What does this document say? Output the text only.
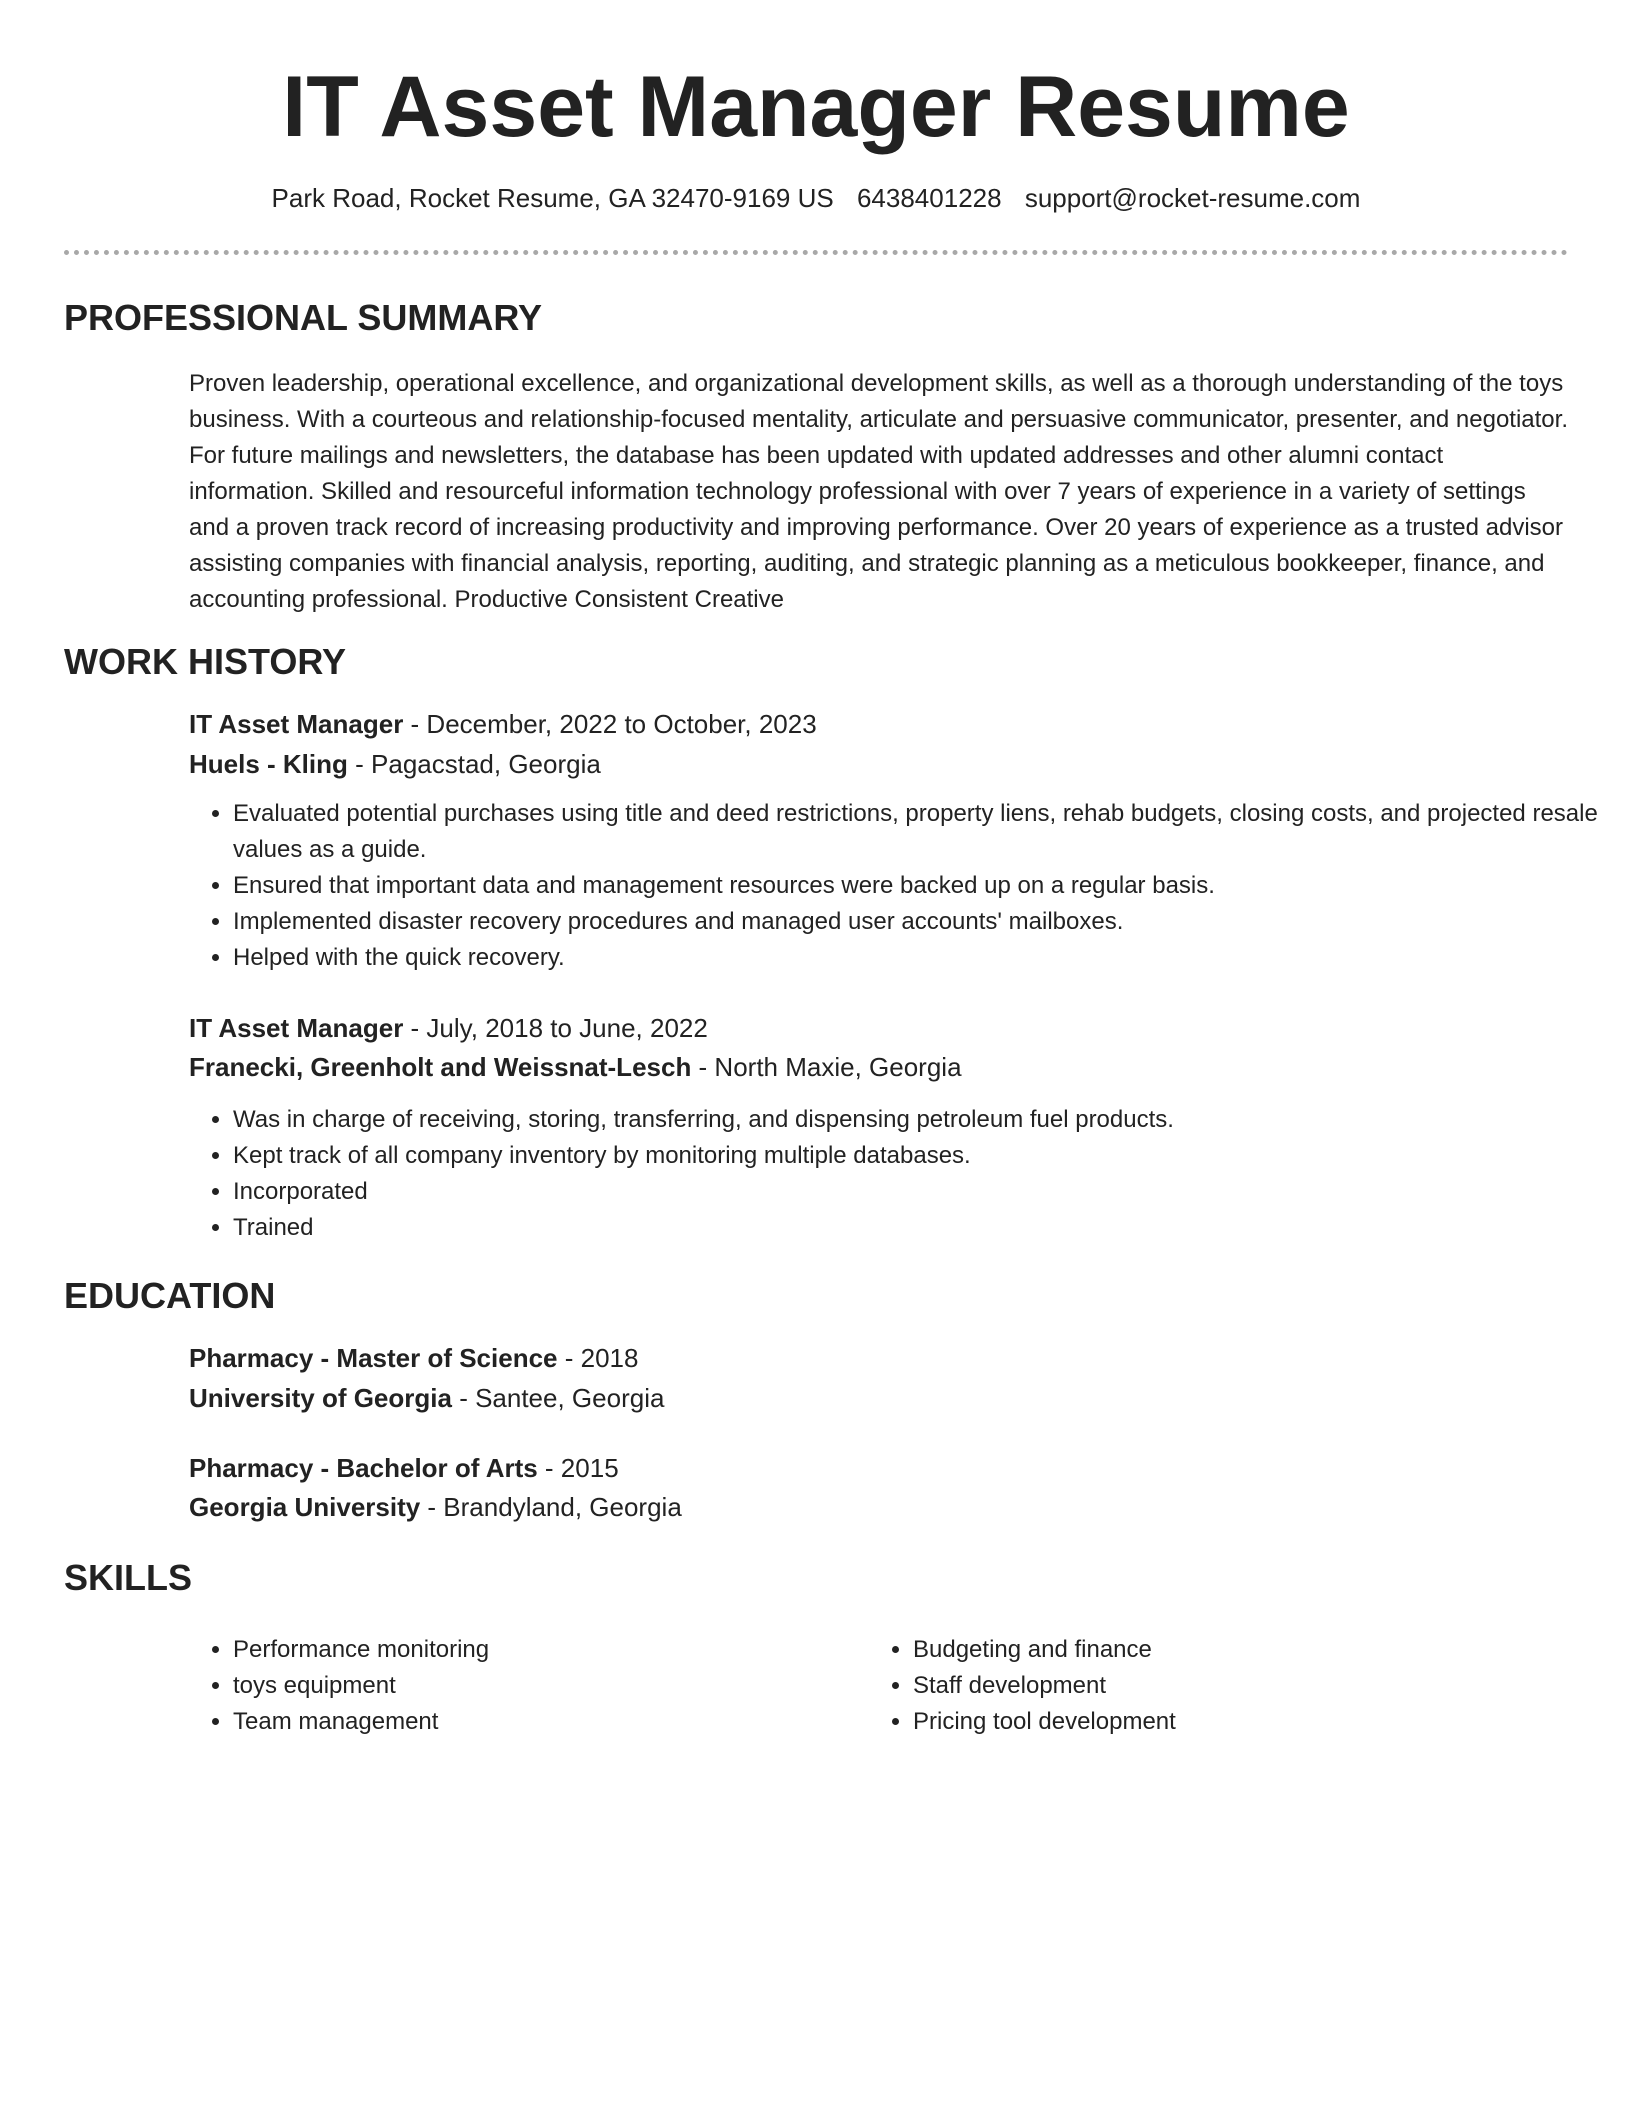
IT Asset Manager Resume
Park Road, Rocket Resume, GA 32470-9169 US 6438401228 support@rocket-resume.com
PROFESSIONAL SUMMARY

Proven leadership, operational excellence, and organizational development skills, as well as a thorough understanding of the toys business. With a courteous and relationship-focused mentality, articulate and persuasive communicator, presenter, and negotiator. For future mailings and newsletters, the database has been updated with updated addresses and other alumni contact information. Skilled and resourceful information technology professional with over 7 years of experience in a variety of settings and a proven track record of increasing productivity and improving performance. Over 20 years of experience as a trusted advisor assisting companies with financial analysis, reporting, auditing, and strategic planning as a meticulous bookkeeper, finance, and accounting professional. Productive Consistent Creative

WORK HISTORY
IT Asset Manager - December, 2022 to October, 2023
Huels - Kling - Pagacstad, Georgia
• Evaluated potential purchases using title and deed restrictions, property liens, rehab budgets, closing costs, and projected resale values as a guide.
• Ensured that important data and management resources were backed up on a regular basis.
• Implemented disaster recovery procedures and managed user accounts' mailboxes.
• Helped with the quick recovery.
IT Asset Manager - July, 2018 to June, 2022
Franecki, Greenholt and Weissnat-Lesch - North Maxie, Georgia
• Was in charge of receiving, storing, transferring, and dispensing petroleum fuel products.
• Kept track of all company inventory by monitoring multiple databases.
• Incorporated
• Trained
EDUCATION
Pharmacy - Master of Science - 2018
University of Georgia - Santee, Georgia
Pharmacy - Bachelor of Arts - 2015
Georgia University - Brandyland, Georgia
SKILLS
• Performance monitoring
• toys equipment
• Team management
• Budgeting and finance
• Staff development
• Pricing tool development
